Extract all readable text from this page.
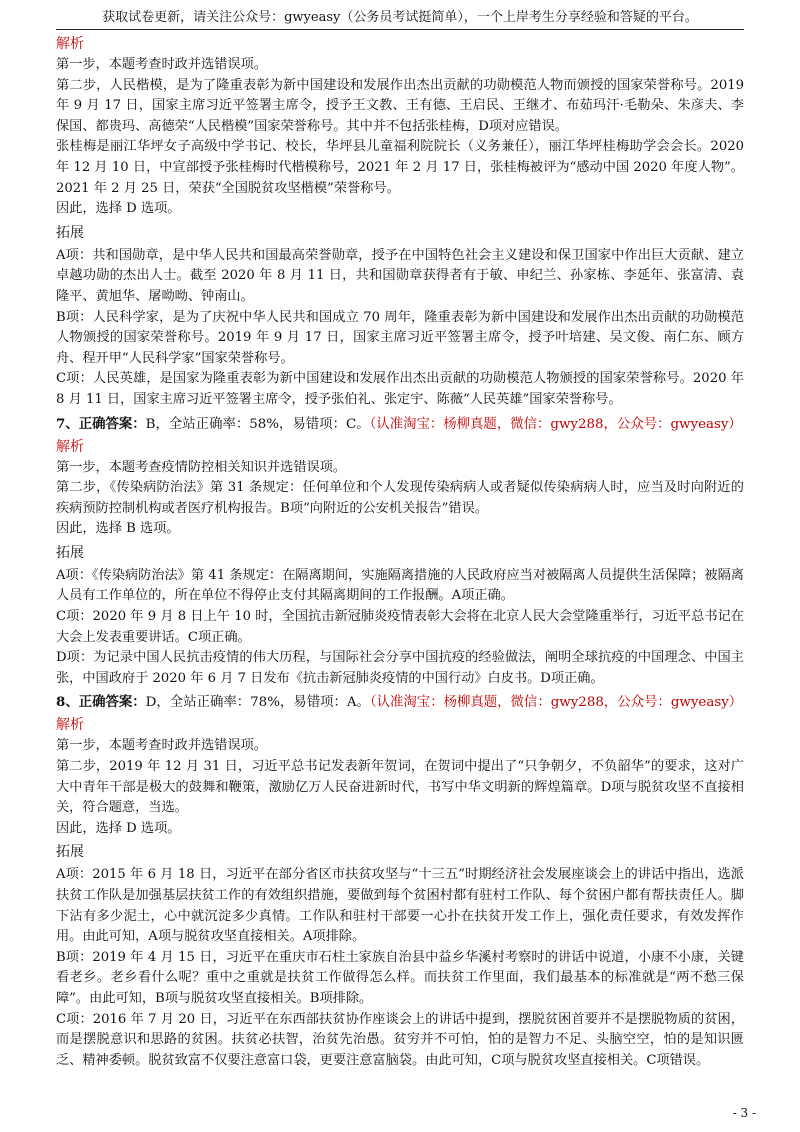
获取试卷更新，请关注公众号：gwyeasy（公务员考试挺简单），一个上岸考生分享经验和答疑的平台。
解析

第一步，本题考查时政并选错误项。

第二步，人民楷模，是为了隆重表彰为新中国建设和发展作出杰出贡献的功勋模范人物而颁授的国家荣誉称号。2019 年 9 月 17 日，国家主席习近平签署主席令，授予王文教、王有德、王启民、王继才、布茹玛汗·毛勒朵、朱彦夫、李保国、都贵玛、高德荣“人民楷模”国家荣誉称号。其中并不包括张桂梅，D项对应错误。

张桂梅是丽江华坪女子高级中学书记、校长，华坪县儿童福利院院长（义务兼任），丽江华坪桂梅助学会会长。2020 年 12 月 10 日，中宣部授予张桂梅时代楷模称号，2021 年 2 月 17 日，张桂梅被评为“感动中国 2020 年度人物”。2021 年 2 月 25 日，荣获“全国脱贫攻坚楷模”荣誉称号。

因此，选择 D 选项。

拓展

A项：共和国勋章，是中华人民共和国最高荣誉勋章，授予在中国特色社会主义建设和保卫国家中作出巨大贡献、建立卓越功勋的杰出人士。截至 2020 年 8 月 11 日，共和国勋章获得者有于敏、申纪兰、孙家栋、李延年、张富清、袁隆平、黄旭华、屠呦呦、钟南山。

B项：人民科学家，是为了庆祝中华人民共和国成立 70 周年，隆重表彰为新中国建设和发展作出杰出贡献的功勋模范人物颁授的国家荣誉称号。2019 年 9 月 17 日，国家主席习近平签署主席令，授予叶培建、吴文俊、南仁东、顾方舟、程开甲“人民科学家”国家荣誉称号。

C项：人民英雄，是国家为隆重表彰为新中国建设和发展作出杰出贡献的功勋模范人物颁授的国家荣誉称号。2020 年 8 月 11 日，国家主席习近平签署主席令，授予张伯礼、张定宇、陈薇“人民英雄”国家荣誉称号。

7、正确答案：B，全站正确率：58%，易错项：C。（认准淘宝：杨柳真题，微信：gwy288，公众号：gwyeasy）
解析

第一步，本题考查疫情防控相关知识并选错误项。

第二步，《传染病防治法》第 31 条规定：任何单位和个人发现传染病病人或者疑似传染病病人时，应当及时向附近的疾病预防控制机构或者医疗机构报告。B项“向附近的公安机关报告”错误。

因此，选择 B 选项。

拓展

A项：《传染病防治法》第 41 条规定：在隔离期间，实施隔离措施的人民政府应当对被隔离人员提供生活保障；被隔离人员有工作单位的，所在单位不得停止支付其隔离期间的工作报酬。A项正确。

C项：2020 年 9 月 8 日上午 10 时，全国抗击新冠肺炎疫情表彰大会将在北京人民大会堂隆重举行，习近平总书记在大会上发表重要讲话。C项正确。

D项：为记录中国人民抗击疫情的伟大历程，与国际社会分享中国抗疫的经验做法，阐明全球抗疫的中国理念、中国主张，中国政府于 2020 年 6 月 7 日发布《抗击新冠肺炎疫情的中国行动》白皮书。D项正确。

8、正确答案：D，全站正确率：78%，易错项：A。（认准淘宝：杨柳真题，微信：gwy288，公众号：gwyeasy）
解析

第一步，本题考查时政并选错误项。

第二步，2019 年 12 月 31 日，习近平总书记发表新年贺词，在贺词中提出了“只争朝夕，不负韶华”的要求，这对广大中青年干部是极大的鼓舞和鞭策，激励亿万人民奋进新时代，书写中华文明新的辉煌篇章。D项与脱贫攻坚不直接相关，符合题意，当选。

因此，选择 D 选项。

拓展

A项：2015 年 6 月 18 日，习近平在部分省区市扶贫攻坚与“十三五”时期经济社会发展座谈会上的讲话中指出，选派扶贫工作队是加强基层扶贫工作的有效组织措施，要做到每个贫困村都有驻村工作队、每个贫困户都有帮扶责任人。脚下沾有多少泥土，心中就沉淀多少真情。工作队和驻村干部要一心扑在扶贫开发工作上，强化责任要求，有效发挥作用。由此可知，A项与脱贫攻坚直接相关。A项排除。

B项：2019 年 4 月 15 日，习近平在重庆市石柱土家族自治县中益乡华溪村考察时的讲话中说道，小康不小康，关键看老乡。老乡看什么呢？重中之重就是扶贫工作做得怎么样。而扶贫工作里面，我们最基本的标准就是“两不愁三保障”。由此可知，B项与脱贫攻坚直接相关。B项排除。

C项：2016 年 7 月 20 日，习近平在东西部扶贫协作座谈会上的讲话中提到，摆脱贫困首要并不是摆脱物质的贫困，而是摆脱意识和思路的贫困。扶贫必扶智，治贫先治愚。贫穷并不可怕，怕的是智力不足、头脑空空，怕的是知识匮乏、精神委顿。脱贫致富不仅要注意富口袋，更要注意富脑袋。由此可知，C项与脱贫攻坚直接相关。C项错误。

- 3 -
